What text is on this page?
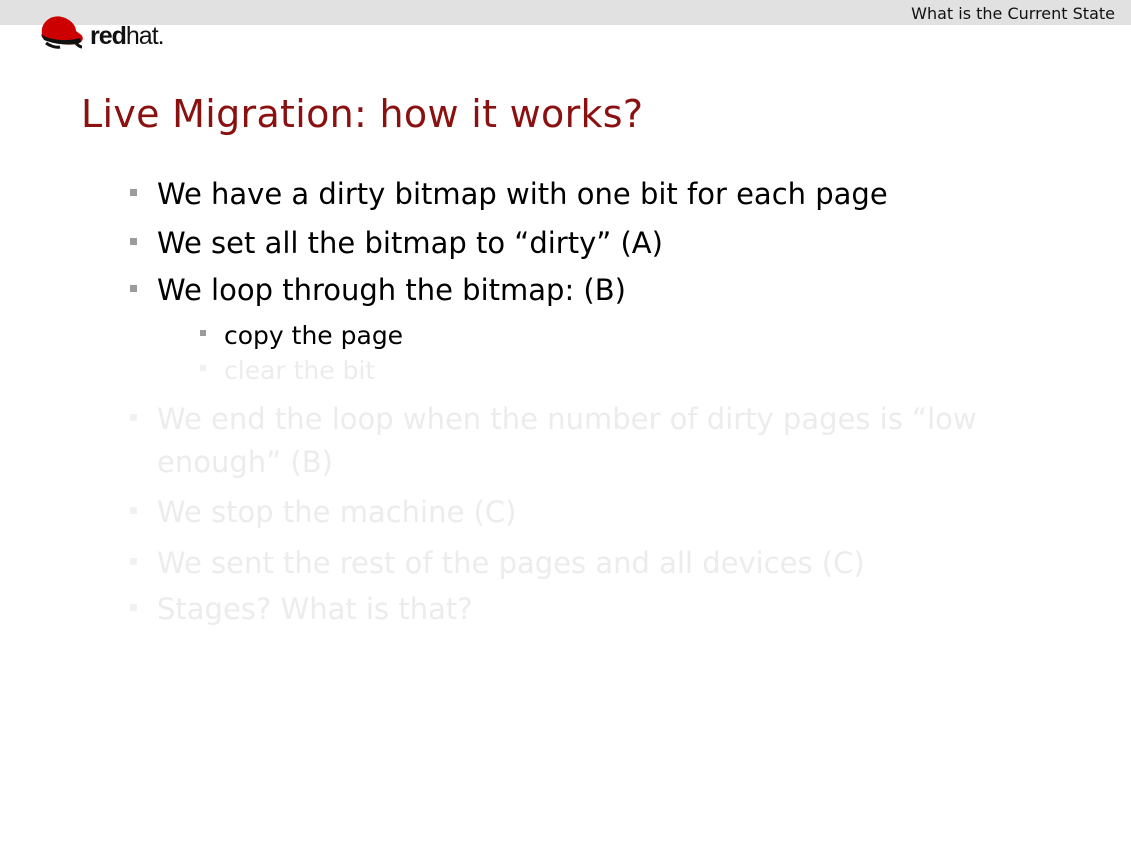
What is the Current State
redhat.
Live Migration: how it works?
We have a dirty bitmap with one bit for each page
We set all the bitmap to “dirty” (A)
We loop through the bitmap: (B)
copy the page
clear the bit
We end the loop when the number of dirty pages is “low
enough” (B)
We stop the machine (C)
We sent the rest of the pages and all devices (C)
Stages? What is that?
